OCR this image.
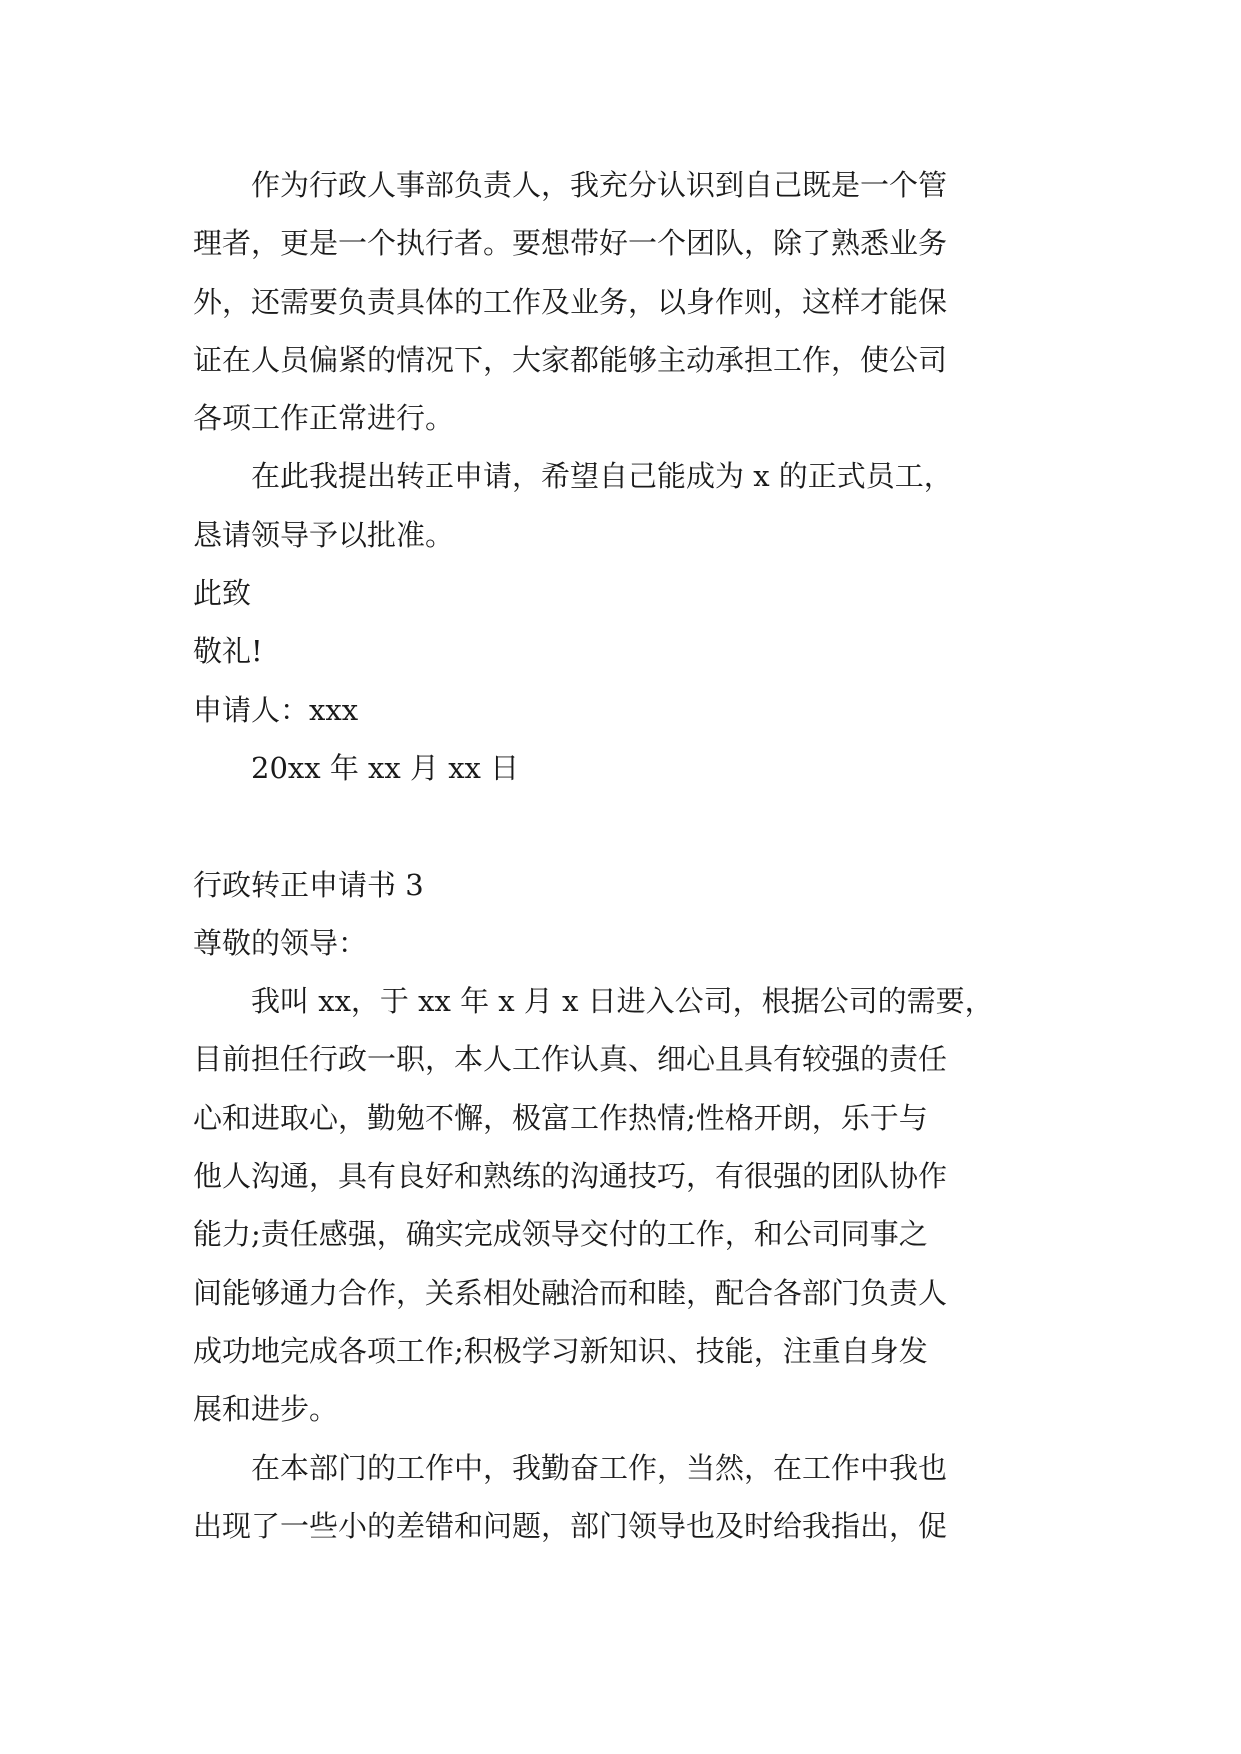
　　作为行政人事部负责人，我充分认识到自己既是一个管

理者，更是一个执行者。要想带好一个团队，除了熟悉业务

外，还需要负责具体的工作及业务，以身作则，这样才能保

证在人员偏紧的情况下，大家都能够主动承担工作，使公司

各项工作正常进行。

　　在此我提出转正申请，希望自己能成为 x 的正式员工，

恳请领导予以批准。

此致

敬礼!

申请人：xxx

　　20xx 年 xx 月 xx 日

行政转正申请书 3

尊敬的领导：

　　我叫 xx，于 xx 年 x 月 x 日进入公司，根据公司的需要，

目前担任行政一职，本人工作认真、细心且具有较强的责任

心和进取心，勤勉不懈，极富工作热情;性格开朗，乐于与

他人沟通，具有良好和熟练的沟通技巧，有很强的团队协作

能力;责任感强，确实完成领导交付的工作，和公司同事之

间能够通力合作，关系相处融洽而和睦，配合各部门负责人

成功地完成各项工作;积极学习新知识、技能，注重自身发

展和进步。

　　在本部门的工作中，我勤奋工作，当然，在工作中我也

出现了一些小的差错和问题，部门领导也及时给我指出，促
